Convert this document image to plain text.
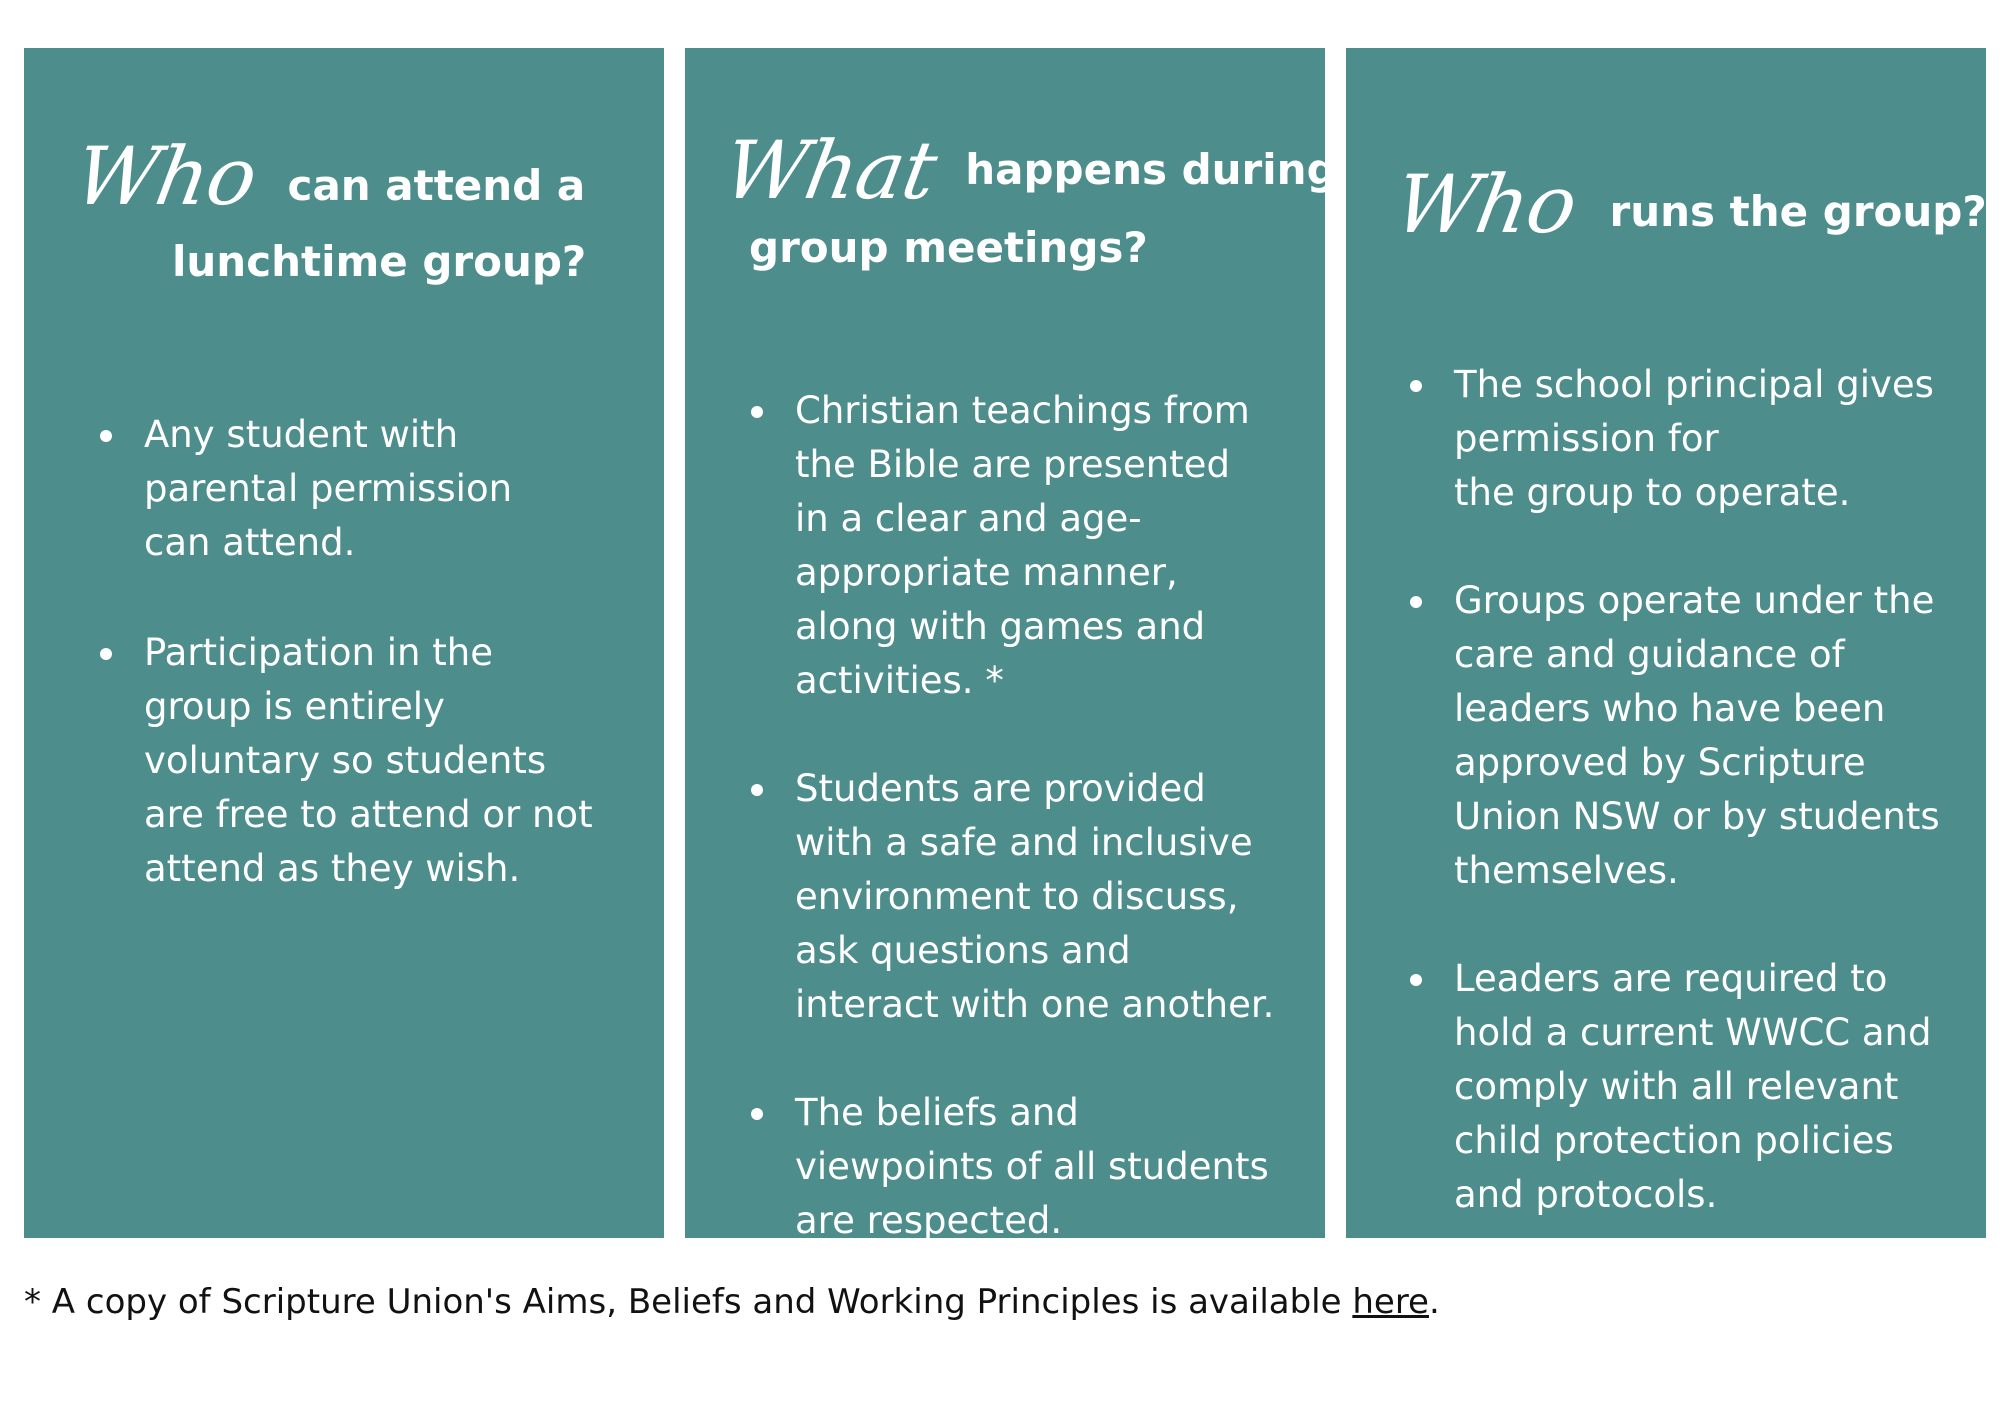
Who can attend a
lunchtime group?
Any student with
parental permission
can attend.
Participation in the
group is entirely
voluntary so students
are free to attend or not
attend as they wish.
What happens during
group meetings?
Christian teachings from
the Bible are presented
in a clear and age-
appropriate manner,
along with games and
activities. *
Students are provided
with a safe and inclusive
environment to discuss,
ask questions and
interact with one another.
The beliefs and
viewpoints of all students
are respected.
Who runs the group?
The school principal gives
permission for
the group to operate.
Groups operate under the
care and guidance of
leaders who have been
approved by Scripture
Union NSW or by students
themselves.
Leaders are required to
hold a current WWCC and
comply with all relevant
child protection policies
and protocols.
* A copy of Scripture Union's Aims, Beliefs and Working Principles is available here.
